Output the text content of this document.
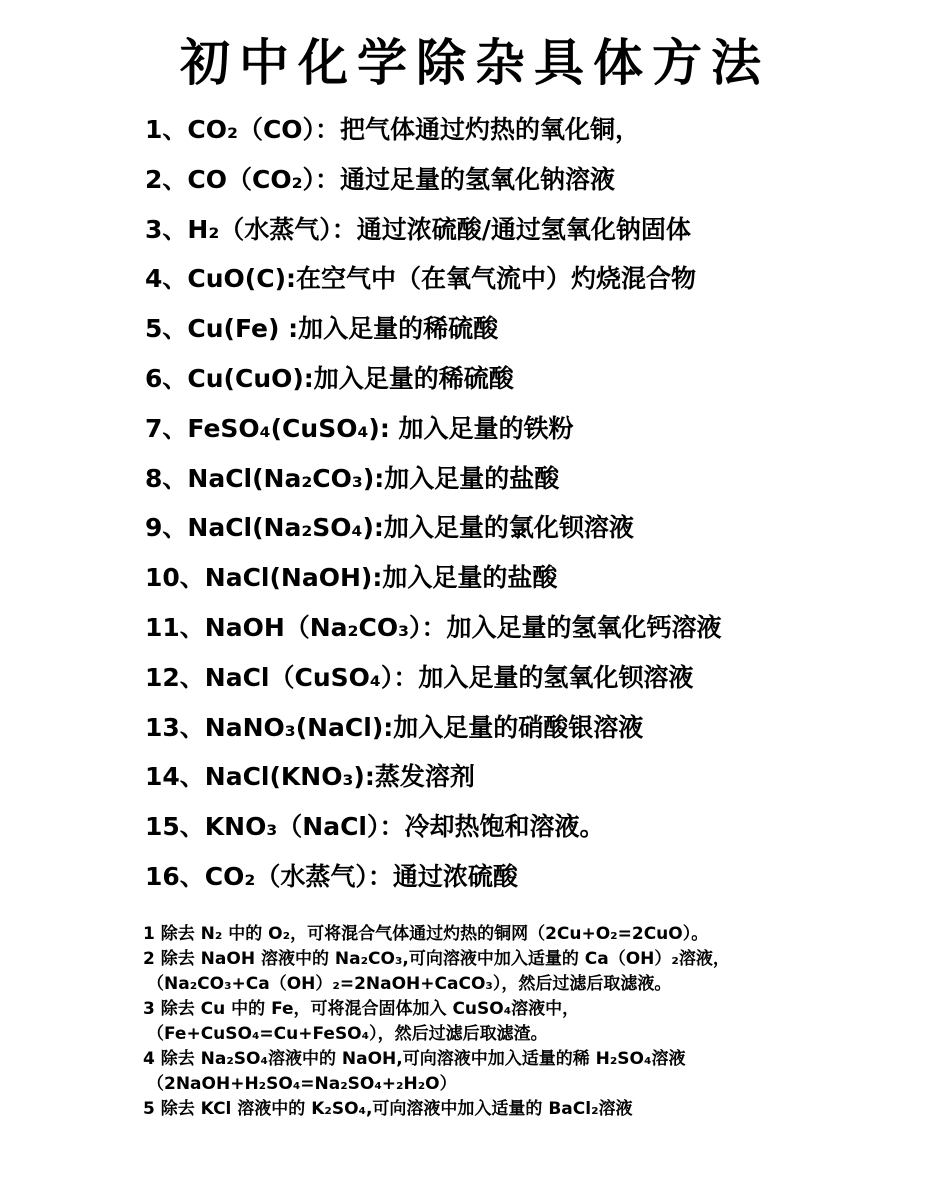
初中化学除杂具体方法
1、CO₂（CO）：把气体通过灼热的氧化铜，
2、CO（CO₂）：通过足量的氢氧化钠溶液
3、H₂（水蒸气）：通过浓硫酸/通过氢氧化钠固体
4、CuO(C):在空气中（在氧气流中）灼烧混合物
5、Cu(Fe) :加入足量的稀硫酸
6、Cu(CuO):加入足量的稀硫酸
7、FeSO₄(CuSO₄): 加入足量的铁粉
8、NaCl(Na₂CO₃):加入足量的盐酸
9、NaCl(Na₂SO₄):加入足量的氯化钡溶液
10、NaCl(NaOH):加入足量的盐酸
11、NaOH（Na₂CO₃）：加入足量的氢氧化钙溶液
12、NaCl（CuSO₄）：加入足量的氢氧化钡溶液
13、NaNO₃(NaCl):加入足量的硝酸银溶液
14、NaCl(KNO₃):蒸发溶剂
15、KNO₃（NaCl）：冷却热饱和溶液。
16、CO₂（水蒸气）：通过浓硫酸
1 除去 N₂ 中的 O₂，可将混合气体通过灼热的铜网（2Cu+O₂=2CuO）。
2 除去 NaOH 溶液中的 Na₂CO₃,可向溶液中加入适量的 Ca（OH）₂溶液，
（Na₂CO₃+Ca（OH）₂=2NaOH+CaCO₃），然后过滤后取滤液。
3 除去 Cu 中的 Fe，可将混合固体加入 CuSO₄溶液中，
（Fe+CuSO₄=Cu+FeSO₄），然后过滤后取滤渣。
4 除去 Na₂SO₄溶液中的 NaOH,可向溶液中加入适量的稀 H₂SO₄溶液
（2NaOH+H₂SO₄=Na₂SO₄+₂H₂O）
5 除去 KCl 溶液中的 K₂SO₄,可向溶液中加入适量的 BaCl₂溶液
